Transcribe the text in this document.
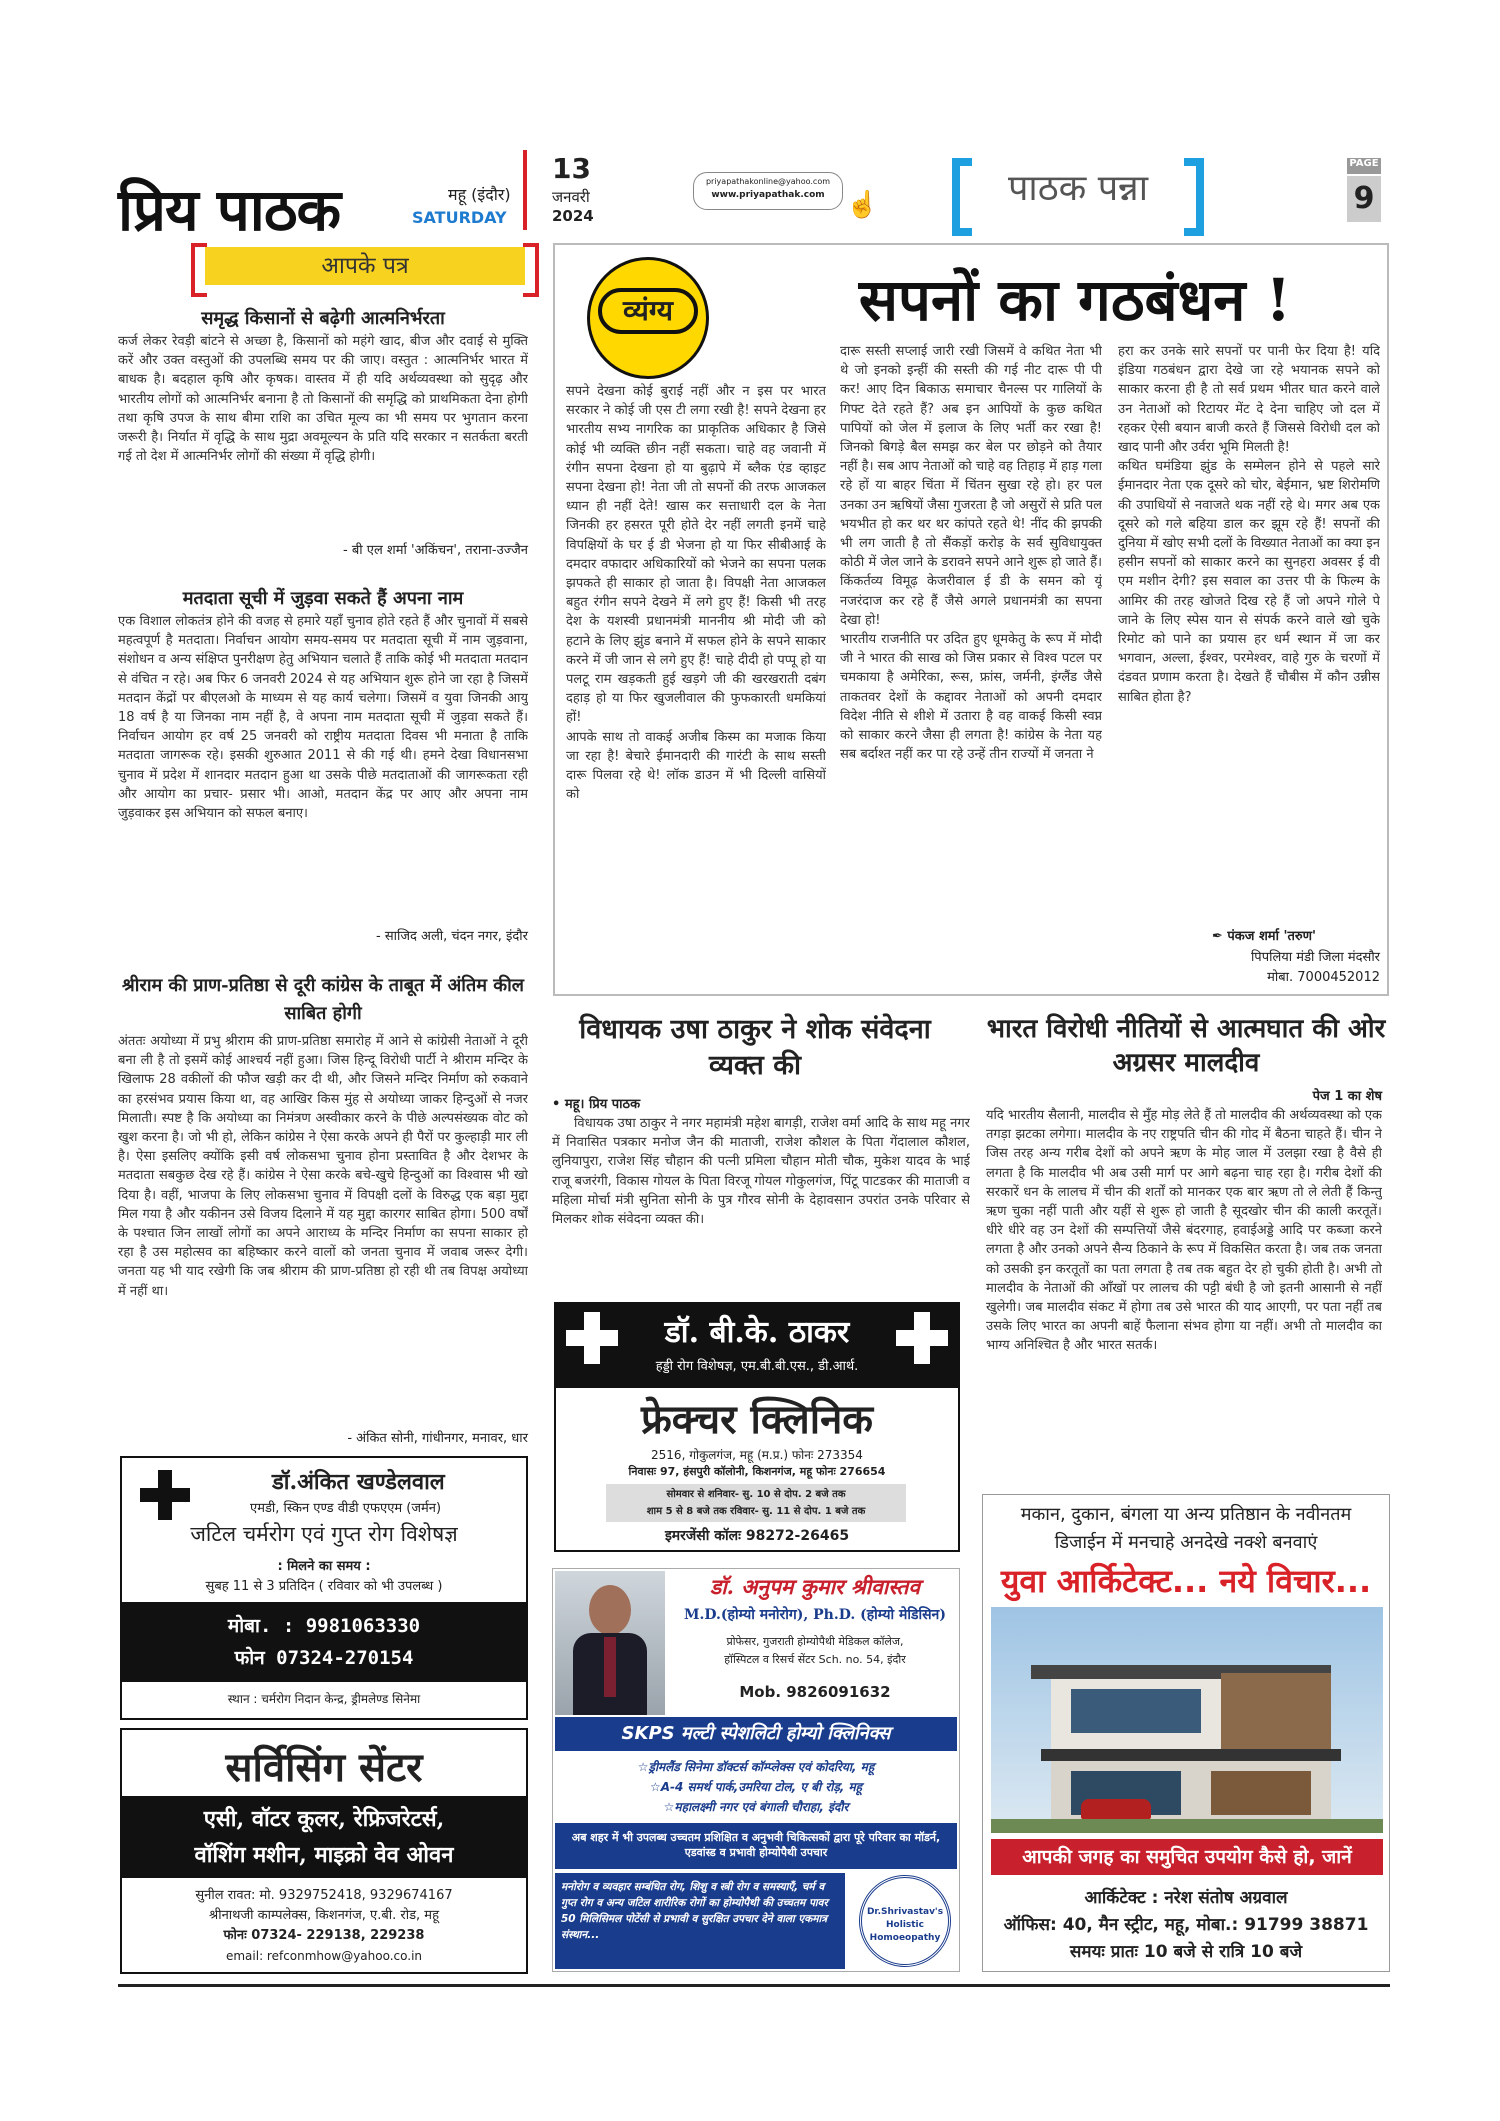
प्रिय पाठक	महू (इंदौर)
SATURDAY
13
जनवरी
2024
priyapathakonline@yahoo.com
www.priyapathak.com ☝	पाठक पन्ना
PAGE
9
आपके पत्र
समृद्ध किसानों से बढ़ेगी आत्मनिर्भरता
कर्ज लेकर रेवड़ी बांटने से अच्छा है, किसानों को महंगे खाद, बीज और दवाई से मुक्ति करें और उक्त वस्तुओं की उपलब्धि समय पर की जाए। वस्तुत : आत्मनिर्भर भारत में बाधक है। बदहाल कृषि और कृषक। वास्तव में ही यदि अर्थव्यवस्था को सुदृढ़ और भारतीय लोगों को आत्मनिर्भर बनाना है तो किसानों की समृद्धि को प्राथमिकता देना होगी तथा कृषि उपज के साथ बीमा राशि का उचित मूल्य का भी समय पर भुगतान करना जरूरी है। निर्यात में वृद्धि के साथ मुद्रा अवमूल्यन के प्रति यदि सरकार न सतर्कता बरती गई तो देश में आत्मनिर्भर लोगों की संख्या में वृद्धि होगी।
- बी एल शर्मा 'अकिंचन', तराना-उज्जैन
मतदाता सूची में जुड़वा सकते हैं अपना नाम
एक विशाल लोकतंत्र होने की वजह से हमारे यहाँ चुनाव होते रहते हैं और चुनावों में सबसे महत्वपूर्ण है मतदाता। निर्वाचन आयोग समय-समय पर मतदाता सूची में नाम जुड़वाना, संशोधन व अन्य संक्षिप्त पुनरीक्षण हेतु अभियान चलाते हैं ताकि कोई भी मतदाता मतदान से वंचित न रहे। अब फिर 6 जनवरी 2024 से यह अभियान शुरू होने जा रहा है जिसमें मतदान केंद्रों पर बीएलओ के माध्यम से यह कार्य चलेगा। जिसमें व युवा जिनकी आयु 18 वर्ष है या जिनका नाम नहीं है, वे अपना नाम मतदाता सूची में जुड़वा सकते हैं। निर्वाचन आयोग हर वर्ष 25 जनवरी को राष्ट्रीय मतदाता दिवस भी मनाता है ताकि मतदाता जागरूक रहे। इसकी शुरुआत 2011 से की गई थी। हमने देखा विधानसभा चुनाव में प्रदेश में शानदार मतदान हुआ था उसके पीछे मतदाताओं की जागरूकता रही और आयोग का प्रचार- प्रसार भी। आओ, मतदान केंद्र पर आए और अपना नाम जुड़वाकर इस अभियान को सफल बनाए।
- साजिद अली, चंदन नगर, इंदौर
श्रीराम की प्राण-प्रतिष्ठा से दूरी कांग्रेस के ताबूत में अंतिम कील साबित होगी
अंततः अयोध्या में प्रभु श्रीराम की प्राण-प्रतिष्ठा समारोह में आने से कांग्रेसी नेताओं ने दूरी बना ली है तो इसमें कोई आश्चर्य नहीं हुआ। जिस हिन्दू विरोधी पार्टी ने श्रीराम मन्दिर के खिलाफ 28 वकीलों की फौज खड़ी कर दी थी, और जिसने मन्दिर निर्माण को रुकवाने का हरसंभव प्रयास किया था, वह आखिर किस मुंह से अयोध्या जाकर हिन्दुओं से नजर मिलाती। स्पष्ट है कि अयोध्या का निमंत्रण अस्वीकार करने के पीछे अल्पसंख्यक वोट को खुश करना है। जो भी हो, लेकिन कांग्रेस ने ऐसा करके अपने ही पैरों पर कुल्हाड़ी मार ली है। ऐसा इसलिए क्योंकि इसी वर्ष लोकसभा चुनाव होना प्रस्तावित है और देशभर के मतदाता सबकुछ देख रहे हैं। कांग्रेस ने ऐसा करके बचे-खुचे हिन्दुओं का विश्वास भी खो दिया है। वहीं, भाजपा के लिए लोकसभा चुनाव में विपक्षी दलों के विरुद्ध एक बड़ा मुद्दा मिल गया है और यकीनन उसे विजय दिलाने में यह मुद्दा कारगर साबित होगा। 500 वर्षों के पश्चात जिन लाखों लोगों का अपने आराध्य के मन्दिर निर्माण का सपना साकार हो रहा है उस महोत्सव का बहिष्कार करने वालों को जनता चुनाव में जवाब जरूर देगी। जनता यह भी याद रखेगी कि जब श्रीराम की प्राण-प्रतिष्ठा हो रही थी तब विपक्ष अयोध्या में नहीं था।
- अंकित सोनी, गांधीनगर, मनावर, धार
डॉ.अंकित खण्डेलवाल
एमडी, स्किन एण्ड वीडी एफएएम (जर्मन)
जटिल चर्मरोग एवं गुप्त रोग विशेषज्ञ
: मिलने का समय :
सुबह 11 से 3 प्रतिदिन ( रविवार को भी उपलब्ध )
मोबा. : 9981063330
फोन 07324-270154
स्थान : चर्मरोग निदान केन्द्र, ड्रीमलेण्ड सिनेमा
सर्विसिंग सेंटर
एसी, वॉटर कूलर, रेफ्रिजरेटर्स,
वॉशिंग मशीन, माइक्रो वेव ओवन
सुनील रावत: मो. 9329752418, 9329674167
श्रीनाथजी काम्पलेक्स, किशनगंज, ए.बी. रोड, महू
फोनः 07324- 229138, 229238
email: refconmhow@yahoo.co.in
व्यंग्य	सपनों का गठबंधन !
सपने देखना कोई बुराई नहीं और न इस पर भारत सरकार ने कोई जी एस टी लगा रखी है! सपने देखना हर भारतीय सभ्य नागरिक का प्राकृतिक अधिकार है जिसे कोई भी व्यक्ति छीन नहीं सकता। चाहे वह जवानी में रंगीन सपना देखना हो या बुढ़ापे में ब्लैक एंड व्हाइट सपना देखना हो! नेता जी तो सपनों की तरफ आजकल ध्यान ही नहीं देते! खास कर सत्ताधारी दल के नेता जिनकी हर हसरत पूरी होते देर नहीं लगती इनमें चाहे विपक्षियों के घर ई डी भेजना हो या फिर सीबीआई के दमदार वफादार अधिकारियों को भेजने का सपना पलक झपकते ही साकार हो जाता है। विपक्षी नेता आजकल बहुत रंगीन सपने देखने में लगे हुए हैं! किसी भी तरह देश के यशस्वी प्रधानमंत्री माननीय श्री मोदी जी को हटाने के लिए झुंड बनाने में सफल होने के सपने साकार करने में जी जान से लगे हुए हैं! चाहे दीदी हो पप्पू हो या पलटू राम खड़कती हुई खड़गे जी की खरखराती दबंग दहाड़ हो या फिर खुजलीवाल की फुफकारती धमकियां हों!
आपके साथ तो वाकई अजीब किस्म का मजाक किया जा रहा है! बेचारे ईमानदारी की गारंटी के साथ सस्ती दारू पिलवा रहे थे! लॉक डाउन में भी दिल्ली वासियों को
दारू सस्ती सप्लाई जारी रखी जिसमें वे कथित नेता भी थे जो इनको इन्हीं की सस्ती की गई नीट दारू पी पी कर! आए दिन बिकाऊ समाचार चैनल्स पर गालियों के गिफ्ट देते रहते हैं? अब इन आपियों के कुछ कथित पापियों को जेल में इलाज के लिए भर्ती कर रखा है! जिनको बिगड़े बैल समझ कर बेल पर छोड़ने को तैयार नहीं है। सब आप नेताओं को चाहे वह तिहाड़ में हाड़ गला रहे हों या बाहर चिंता में चिंतन सुखा रहे हो। हर पल उनका उन ऋषियों जैसा गुजरता है जो असुरों से प्रति पल भयभीत हो कर थर थर कांपते रहते थे! नींद की झपकी भी लग जाती है तो सैंकड़ों करोड़ के सर्व सुविधायुक्त कोठी में जेल जाने के डरावने सपने आने शुरू हो जाते हैं। किंकर्तव्य विमूढ़ केजरीवाल ई डी के समन को यूं नजरंदाज कर रहे हैं जैसे अगले प्रधानमंत्री का सपना देखा हो!
भारतीय राजनीति पर उदित हुए धूमकेतु के रूप में मोदी जी ने भारत की साख को जिस प्रकार से विश्व पटल पर चमकाया है अमेरिका, रूस, फ्रांस, जर्मनी, इंग्लैंड जैसे ताकतवर देशों के कद्दावर नेताओं को अपनी दमदार विदेश नीति से शीशे में उतारा है वह वाकई किसी स्वप्न को साकार करने जैसा ही लगता है! कांग्रेस के नेता यह सब बर्दाश्त नहीं कर पा रहे उन्हें तीन राज्यों में जनता ने
हरा कर उनके सारे सपनों पर पानी फेर दिया है! यदि इंडिया गठबंधन द्वारा देखे जा रहे भयानक सपने को साकार करना ही है तो सर्व प्रथम भीतर घात करने वाले उन नेताओं को रिटायर मेंट दे देना चाहिए जो दल में रहकर ऐसी बयान बाजी करते हैं जिससे विरोधी दल को खाद पानी और उर्वरा भूमि मिलती है!
कथित घमंडिया झुंड के सम्मेलन होने से पहले सारे ईमानदार नेता एक दूसरे को चोर, बेईमान, भ्रष्ट शिरोमणि की उपाधियों से नवाजते थक नहीं रहे थे। मगर अब एक दूसरे को गले बहिया डाल कर झूम रहे हैं! सपनों की दुनिया में खोए सभी दलों के विख्यात नेताओं का क्या इन हसीन सपनों को साकार करने का सुनहरा अवसर ई वी एम मशीन देगी? इस सवाल का उत्तर पी के फिल्म के आमिर की तरह खोजते दिख रहे हैं जो अपने गोले पे जाने के लिए स्पेस यान से संपर्क करने वाले खो चुके रिमोट को पाने का प्रयास हर धर्म स्थान में जा कर भगवान, अल्ला, ईश्वर, परमेश्वर, वाहे गुरु के चरणों में दंडवत प्रणाम करता है। देखते हैं चौबीस में कौन उन्नीस साबित होता है?
✒ पंकज शर्मा 'तरुण'
पिपलिया मंडी जिला मंदसौर
मोबा. 7000452012
विधायक उषा ठाकुर ने शोक संवेदना व्यक्त की
• महू। प्रिय पाठक
विधायक उषा ठाकुर ने नगर महामंत्री महेश बागड़ी, राजेश वर्मा आदि के साथ महू नगर में निवासित पत्रकार मनोज जैन की माताजी, राजेश कौशल के पिता गेंदालाल कौशल, लुनियापुरा, राजेश सिंह चौहान की पत्नी प्रमिला चौहान मोती चौक, मुकेश यादव के भाई राजू बजरंगी, विकास गोयल के पिता विरजू गोयल गोकुलगंज, पिंटू पाटडकर की माताजी व महिला मोर्चा मंत्री सुनिता सोनी के पुत्र गौरव सोनी के देहावसान उपरांत उनके परिवार से मिलकर शोक संवेदना व्यक्त की।
भारत विरोधी नीतियों से आत्मघात की ओर अग्रसर मालदीव
पेज 1 का शेष
यदि भारतीय सैलानी, मालदीव से मुँह मोड़ लेते हैं तो मालदीव की अर्थव्यवस्था को एक तगड़ा झटका लगेगा। मालदीव के नए राष्ट्रपति चीन की गोद में बैठना चाहते हैं। चीन ने जिस तरह अन्य गरीब देशों को अपने ऋण के मोह जाल में उलझा रखा है वैसे ही लगता है कि मालदीव भी अब उसी मार्ग पर आगे बढ़ना चाह रहा है। गरीब देशों की सरकारें धन के लालच में चीन की शर्तों को मानकर एक बार ऋण तो ले लेती हैं किन्तु ऋण चुका नहीं पाती और यहीं से शुरू हो जाती है सूदखोर चीन की काली करतूतें। धीरे धीरे वह उन देशों की सम्पत्तियों जैसे बंदरगाह, हवाईअड्डे आदि पर कब्जा करने लगता है और उनको अपने सैन्य ठिकाने के रूप में विकसित करता है। जब तक जनता को उसकी इन करतूतों का पता लगता है तब तक बहुत देर हो चुकी होती है। अभी तो मालदीव के नेताओं की आँखों पर लालच की पट्टी बंधी है जो इतनी आसानी से नहीं खुलेगी। जब मालदीव संकट में होगा तब उसे भारत की याद आएगी, पर पता नहीं तब उसके लिए भारत का अपनी बाहें फैलाना संभव होगा या नहीं। अभी तो मालदीव का भाग्य अनिश्चित है और भारत सतर्क।
डॉ. बी.के. ठाकर
हड्डी रोग विशेषज्ञ, एम.बी.बी.एस., डी.आर्थ.
फ्रेक्चर क्लिनिक
2516, गोकुलगंज, महू (म.प्र.) फोनः 273354
निवासः 97, हंसपुरी कॉलोनी, किशनगंज, महू फोनः 276654
सोमवार से शनिवार- सु. 10 से दोप. 2 बजे तक
शाम 5 से 8 बजे तक रविवार- सु. 11 से दोप. 1 बजे तक
इमरजेंसी कॉलः 98272-26465
डॉ. अनुपम कुमार श्रीवास्तव
M.D.(होम्यो मनोरोग), Ph.D. (होम्यो मेडिसिन)
प्रोफेसर, गुजराती होम्योपैथी मेडिकल कॉलेज,
हॉस्पिटल व रिसर्च सेंटर Sch. no. 54, इंदौर
Mob. 9826091632
SKPS मल्टी स्पेशलिटी होम्यो क्लिनिक्स
☆ड्रीमलैंड सिनेमा डॉक्टर्स कॉम्प्लेक्स एवं कोदरिया, महू
☆A-4 समर्थ पार्क,उमरिया टोल, ए बी रोड़, महू
☆महालक्ष्मी नगर एवं बंगाली चौराहा, इंदौर
अब शहर में भी उपलब्ध उच्चतम प्रशिक्षित व अनुभवी चिकित्सकों द्वारा पूरे परिवार का मॉडर्न, एडवांस्ड व प्रभावी होम्योपैथी उपचार
मनोरोग व व्यवहार सम्बंधित रोग, शिशु व स्त्री रोग व समस्याएँ, चर्म व गुप्त रोग व अन्य जटिल शारीरिक रोगों का होम्योपैथी की उच्चतम पावर 50 मिलिसिमल पोटेंसी से प्रभावी व सुरक्षित उपचार देने वाला एकमात्र संस्थान...
Dr.Shrivastav's Holistic Homoeopathy
मकान, दुकान, बंगला या अन्य प्रतिष्ठान के नवीनतम
डिजाईन में मनचाहे अनदेखे नक्शे बनवाएं
युवा आर्किटेक्ट... नये विचार...
आपकी जगह का समुचित उपयोग कैसे हो, जानें
आर्किटेक्ट : नरेश संतोष अग्रवाल
ऑफिस: 40, मैन स्ट्रीट, महू, मोबा.: 91799 38871
समयः प्रातः 10 बजे से रात्रि 10 बजे
